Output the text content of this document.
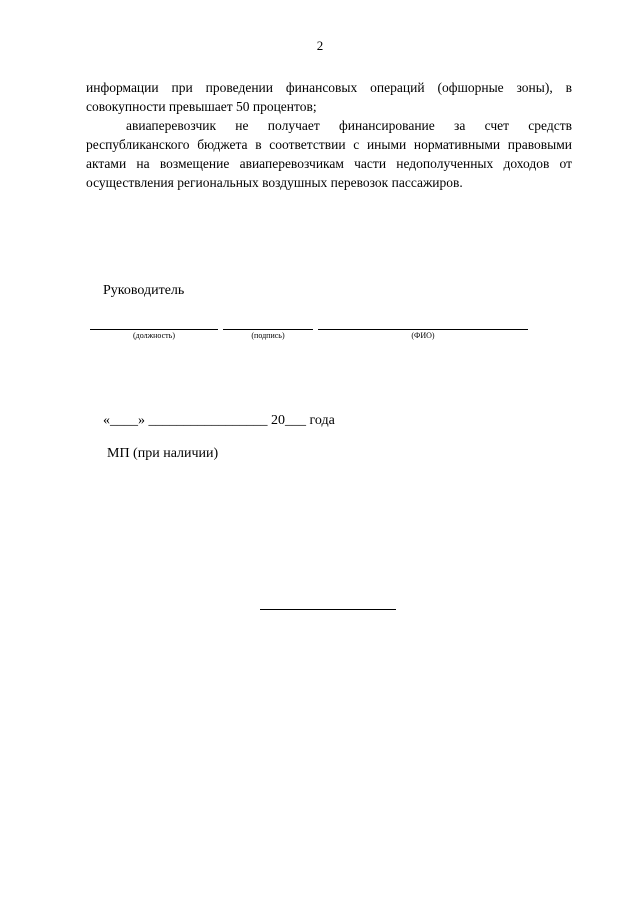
2
информации при проведении финансовых операций (офшорные зоны), в совокупности превышает 50 процентов;
авиаперевозчик не получает финансирование за счет средств республиканского бюджета в соответствии с иными нормативными правовыми актами на возмещение авиаперевозчикам части недополученных доходов от осуществления региональных воздушных перевозок пассажиров.
Руководитель
(должность)	(подпись)	(ФИО)
«____» _________________ 20___ года
МП (при наличии)
